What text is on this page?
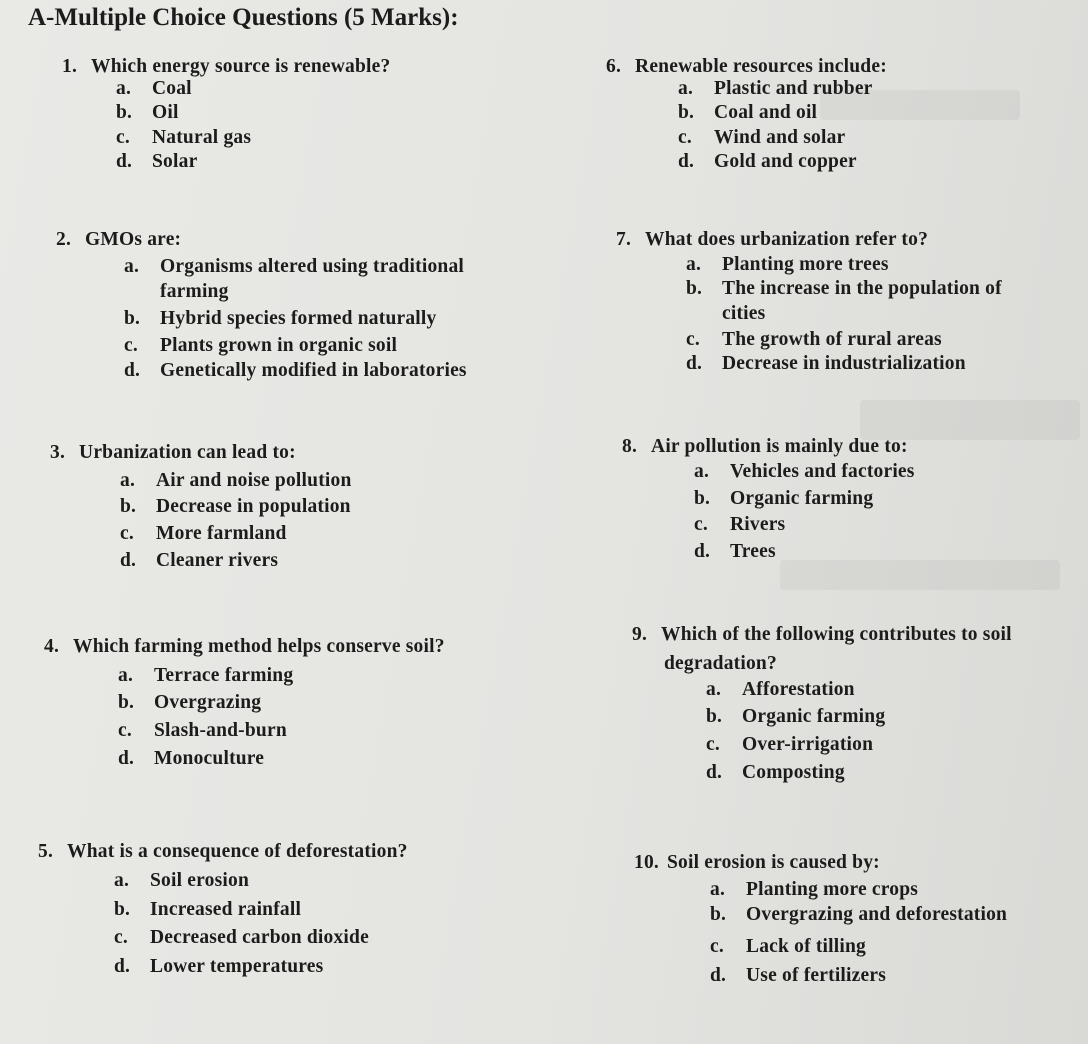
A-Multiple Choice Questions (5 Marks):
1. Which energy source is renewable?
a. Coal
b. Oil
c. Natural gas
d. Solar
2. GMOs are:
a. Organisms altered using traditional
farming
b. Hybrid species formed naturally
c. Plants grown in organic soil
d. Genetically modified in laboratories
3. Urbanization can lead to:
a. Air and noise pollution
b. Decrease in population
c. More farmland
d. Cleaner rivers
4. Which farming method helps conserve soil?
a. Terrace farming
b. Overgrazing
c. Slash-and-burn
d. Monoculture
5. What is a consequence of deforestation?
a. Soil erosion
b. Increased rainfall
c. Decreased carbon dioxide
d. Lower temperatures
6. Renewable resources include:
a. Plastic and rubber
b. Coal and oil
c. Wind and solar
d. Gold and copper
7. What does urbanization refer to?
a. Planting more trees
b. The increase in the population of
cities
c. The growth of rural areas
d. Decrease in industrialization
8. Air pollution is mainly due to:
a. Vehicles and factories
b. Organic farming
c. Rivers
d. Trees
9. Which of the following contributes to soil
degradation?
a. Afforestation
b. Organic farming
c. Over-irrigation
d. Composting
10. Soil erosion is caused by:
a. Planting more crops
b. Overgrazing and deforestation
c. Lack of tilling
d. Use of fertilizers
